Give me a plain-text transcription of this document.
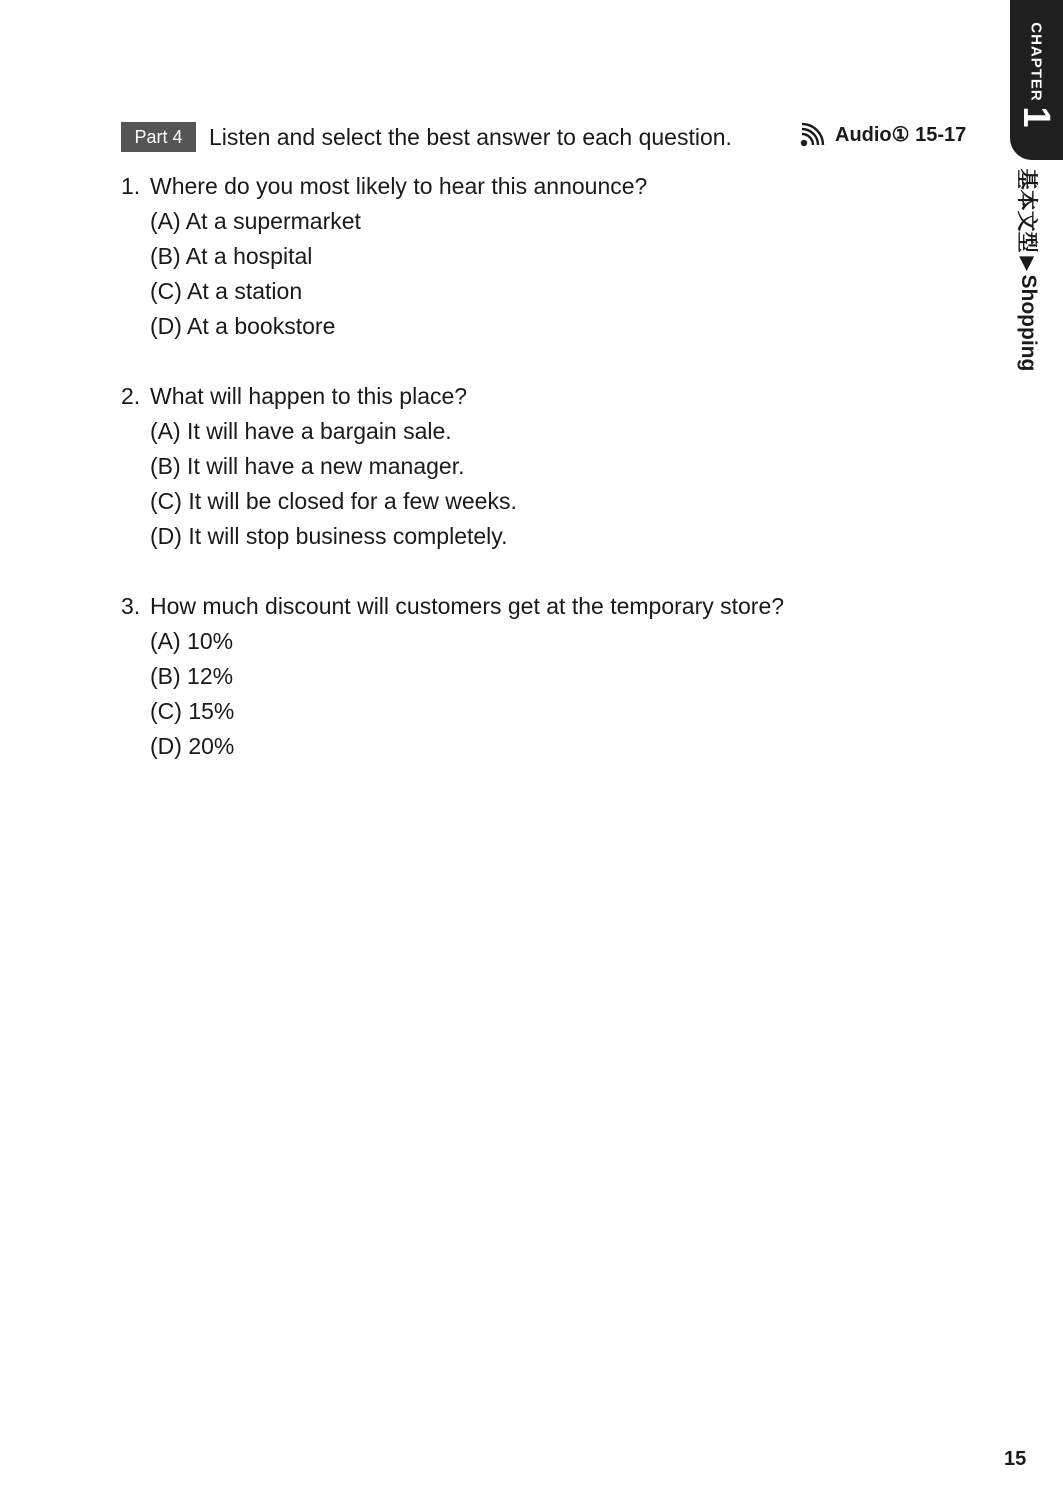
CHAPTER
1
基本文型
▶
Shopping
Part 4	Listen and select the best answer to each question.	Audio① 15-17
1. Where do you most likely to hear this announce?
(A) At a supermarket
(B) At a hospital
(C) At a station
(D) At a bookstore
2. What will happen to this place?
(A) It will have a bargain sale.
(B) It will have a new manager.
(C) It will be closed for a few weeks.
(D) It will stop business completely.
3. How much discount will customers get at the temporary store?
(A) 10%
(B) 12%
(C) 15%
(D) 20%
15
